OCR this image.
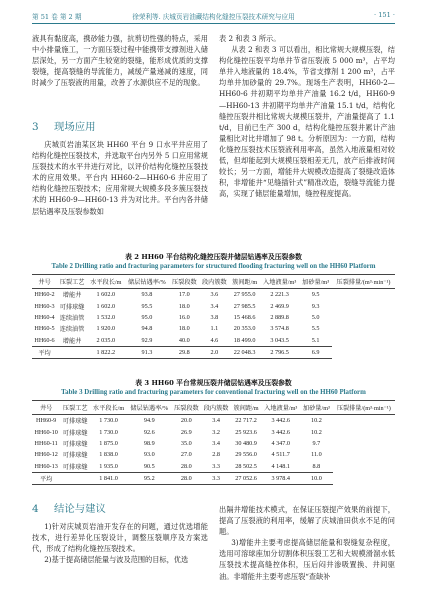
第 51 卷 第 2 期	徐荣利等. 庆城页岩油藏结构化缝控压裂技术研究与应用	· 151 ·

液具有黏度高，携砂能力强，抗剪切性强的特点，采用中小排量施工，一方面压裂过程中能携带支撑剂进入储层深处，另一方面产生较宽的裂缝，能形成优质的支撑裂缝，提高裂缝的导流能力，减缓产量递减的速度，同时减少了压裂液的用量，改善了水源供应不足的现象。

3 现场应用

庆城页岩油某区块 HH60 平台 9 口水平井应用了结构化缝控压裂技术，并选取平台内另外 5 口应用常规压裂技术的水平井进行对比，以评价结构化缝控压裂技术的应用效果。平台内 HH60-2—HH60-6 井应用了结构化缝控压裂技术；应用常规大规模多段多簇压裂技术的 HH60-9—HH60-13 并为对比井。平台内各井储层钻遇率及压裂参数如

表 2 和表 3 所示。

从表 2 和表 3 可以看出，相比常规大规模压裂，结构化缝控压裂平均单井节省压裂液 5 000 m³，占平均单井入地液量的 18.4%，节省支撑剂 1 200 m³，占平均单井加砂量的 29.7%。现场生产表明，HH60-2—HH60-6 井初期平均单井产油量 16.2 t/d，HH60-9—HH60-13 井初期平均单井产油量 15.1 t/d，结构化缝控压裂井相比常规大规模压裂井，产油量提高了 1.1 t/d，目前已生产 300 d，结构化缝控压裂井累计产油量相比对比井增加了 98 t。分析原因为：一方面，结构化缝控压裂技术压裂液利用率高，虽然入地液量相对较低，但却能起到大规模压裂相差无几，放产后排液时间较长；另一方面，增能井大规模改造提高了裂缝改造体积，非增能井“见缝插针式”精准改造，裂缝导流能力提高，实现了储层能量增加，缝控程度提高。

表 2 HH60 平台结构化缝控压裂井储层钻遇率及压裂参数
Table 2 Drilling ratio and fracturing parameters for structured flooding fracturing well on the HH60 Platform
井号	压裂工艺	水平段长/m	储层钻遇率/%	压裂段数	段内簇数	簇间距/m	入地液量/m³	加砂量/m³	压裂排量/(m³·min⁻¹)
HH60-2	增能井	1 602.0	93.8	17.0	3.6	27 955.0	2 221.3	9.5	
HH60-3	可排球缝	1 602.0	95.5	18.0	3.4	27 985.5	2 469.9	9.3	
HH60-4	连续油管	1 532.0	95.0	16.0	3.8	15 468.6	2 889.8	5.0	
HH60-5	连续油管	1 920.0	94.8	18.0	1.1	20 353.0	3 574.8	5.5	
HH60-6	增能井	2 035.0	92.9	40.0	4.6	18 499.0	3 043.5	5.1	
平均		1 822.2	91.3	29.8	2.0	22 048.3	2 796.5	6.9	
表 3 HH60 平台常规压裂井储层钻遇率及压裂参数
Table 3 Drilling ratio and fracturing parameters for conventional fracturing well on the HH60 Platform
井号	压裂工艺	水平段长/m	储层钻遇率/%	压裂段数	段内簇数	簇间距/m	入地液量/m³	加砂量/m³	压裂排量/(m³·min⁻¹)
HH60-9	可排球缝	1 730.0	94.9	20.0	3.4	22 717.2	3 442.6	10.2	
HH60-10	可排球缝	1 730.0	92.6	26.9	3.2	25 923.6	3 442.6	10.2	
HH60-11	可排球缝	1 875.0	98.9	35.0	3.4	30 480.9	4 347.0	9.7	
HH60-12	可排球缝	1 838.0	93.0	27.0	2.8	29 556.0	4 511.7	11.0	
HH60-13	可排球缝	1 935.0	90.5	28.0	3.3	28 502.5	4 148.1	8.8	
平均		1 841.0	95.2	28.0	3.3	27 052.6	3 978.4	10.0	
4 结论与建议

1)针对庆城页岩油开发存在的问题，通过优选增能技术，进行差异化压裂设计，调整压裂顺序及方案选代，形成了结构化缝控压裂技术。

2)基于提高储层能量与波及范围的目标，优选

出隔井增能技术模式，在保证压裂提产效果的前提下，提高了压裂液的利用率，缓解了庆城油田供水不足的问题。

3)增能井主要考虑提高储层能量和裂缝复杂程度，选用可溶球座加分切割体积压裂工艺和大规模滑溜水低压裂技术提高缝控体积，压后闷井渗吸置换、井间驱油。非增能井主要考虑压裂“查缺补
